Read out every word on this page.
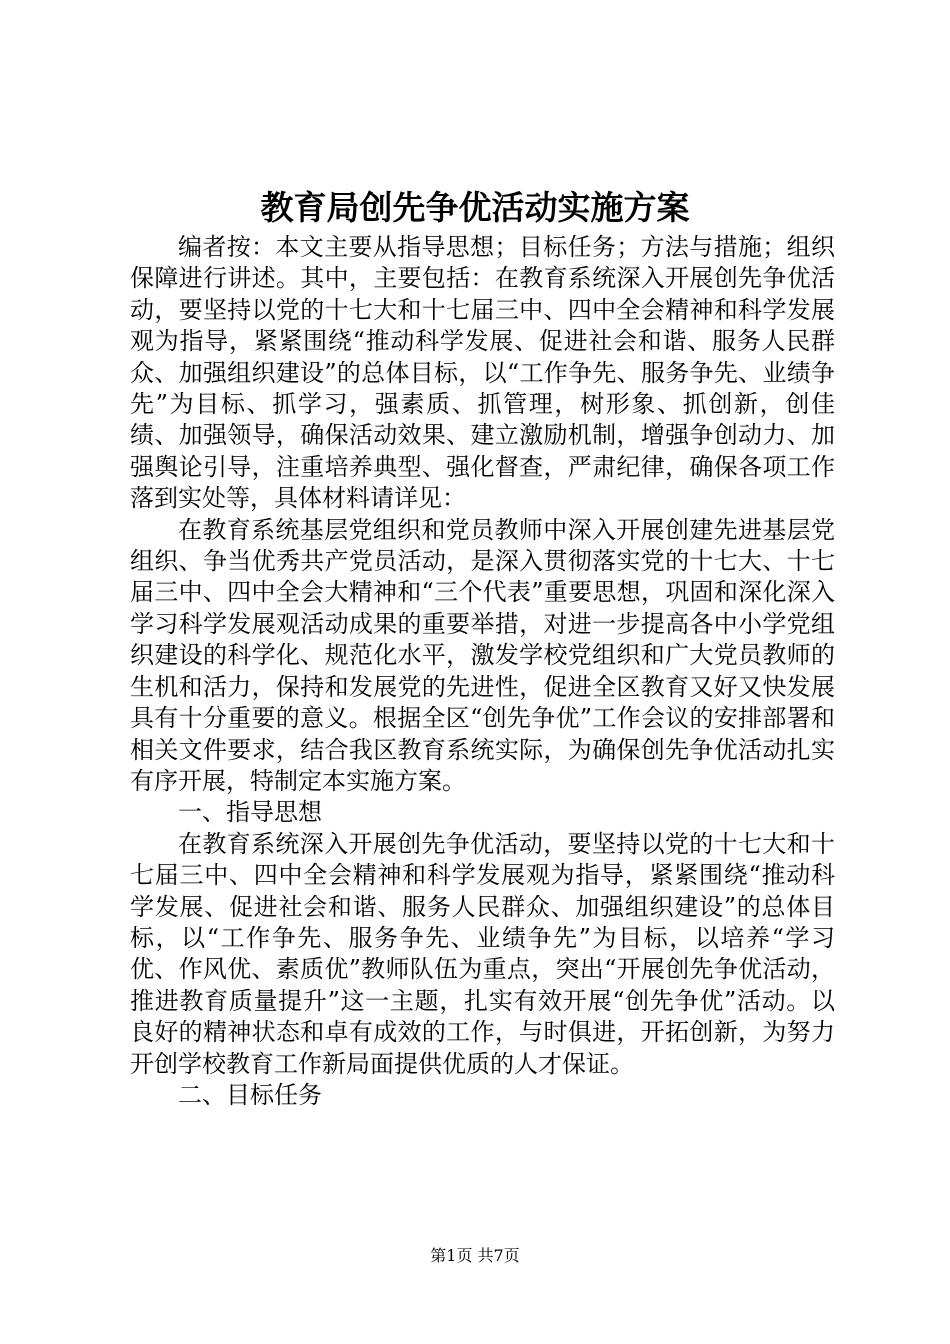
教育局创先争优活动实施方案

编者按：本文主要从指导思想；目标任务；方法与措施；组织保障进行讲述。其中，主要包括：在教育系统深入开展创先争优活动，要坚持以党的十七大和十七届三中、四中全会精神和科学发展观为指导，紧紧围绕“推动科学发展、促进社会和谐、服务人民群众、加强组织建设”的总体目标，以“工作争先、服务争先、业绩争先”为目标、抓学习，强素质、抓管理，树形象、抓创新，创佳绩、加强领导，确保活动效果、建立激励机制，增强争创动力、加强舆论引导，注重培养典型、强化督查，严肃纪律，确保各项工作落到实处等，具体材料请详见：

在教育系统基层党组织和党员教师中深入开展创建先进基层党组织、争当优秀共产党员活动，是深入贯彻落实党的十七大、十七届三中、四中全会大精神和“三个代表”重要思想，巩固和深化深入学习科学发展观活动成果的重要举措，对进一步提高各中小学党组织建设的科学化、规范化水平，激发学校党组织和广大党员教师的生机和活力，保持和发展党的先进性，促进全区教育又好又快发展具有十分重要的意义。根据全区“创先争优”工作会议的安排部署和相关文件要求，结合我区教育系统实际，为确保创先争优活动扎实有序开展，特制定本实施方案。

一、指导思想

在教育系统深入开展创先争优活动，要坚持以党的十七大和十七届三中、四中全会精神和科学发展观为指导，紧紧围绕“推动科学发展、促进社会和谐、服务人民群众、加强组织建设”的总体目标，以“工作争先、服务争先、业绩争先”为目标，以培养“学习优、作风优、素质优”教师队伍为重点，突出“开展创先争优活动，推进教育质量提升”这一主题，扎实有效开展“创先争优”活动。以良好的精神状态和卓有成效的工作，与时俱进，开拓创新，为努力开创学校教育工作新局面提供优质的人才保证。

二、目标任务

第1页 共7页
